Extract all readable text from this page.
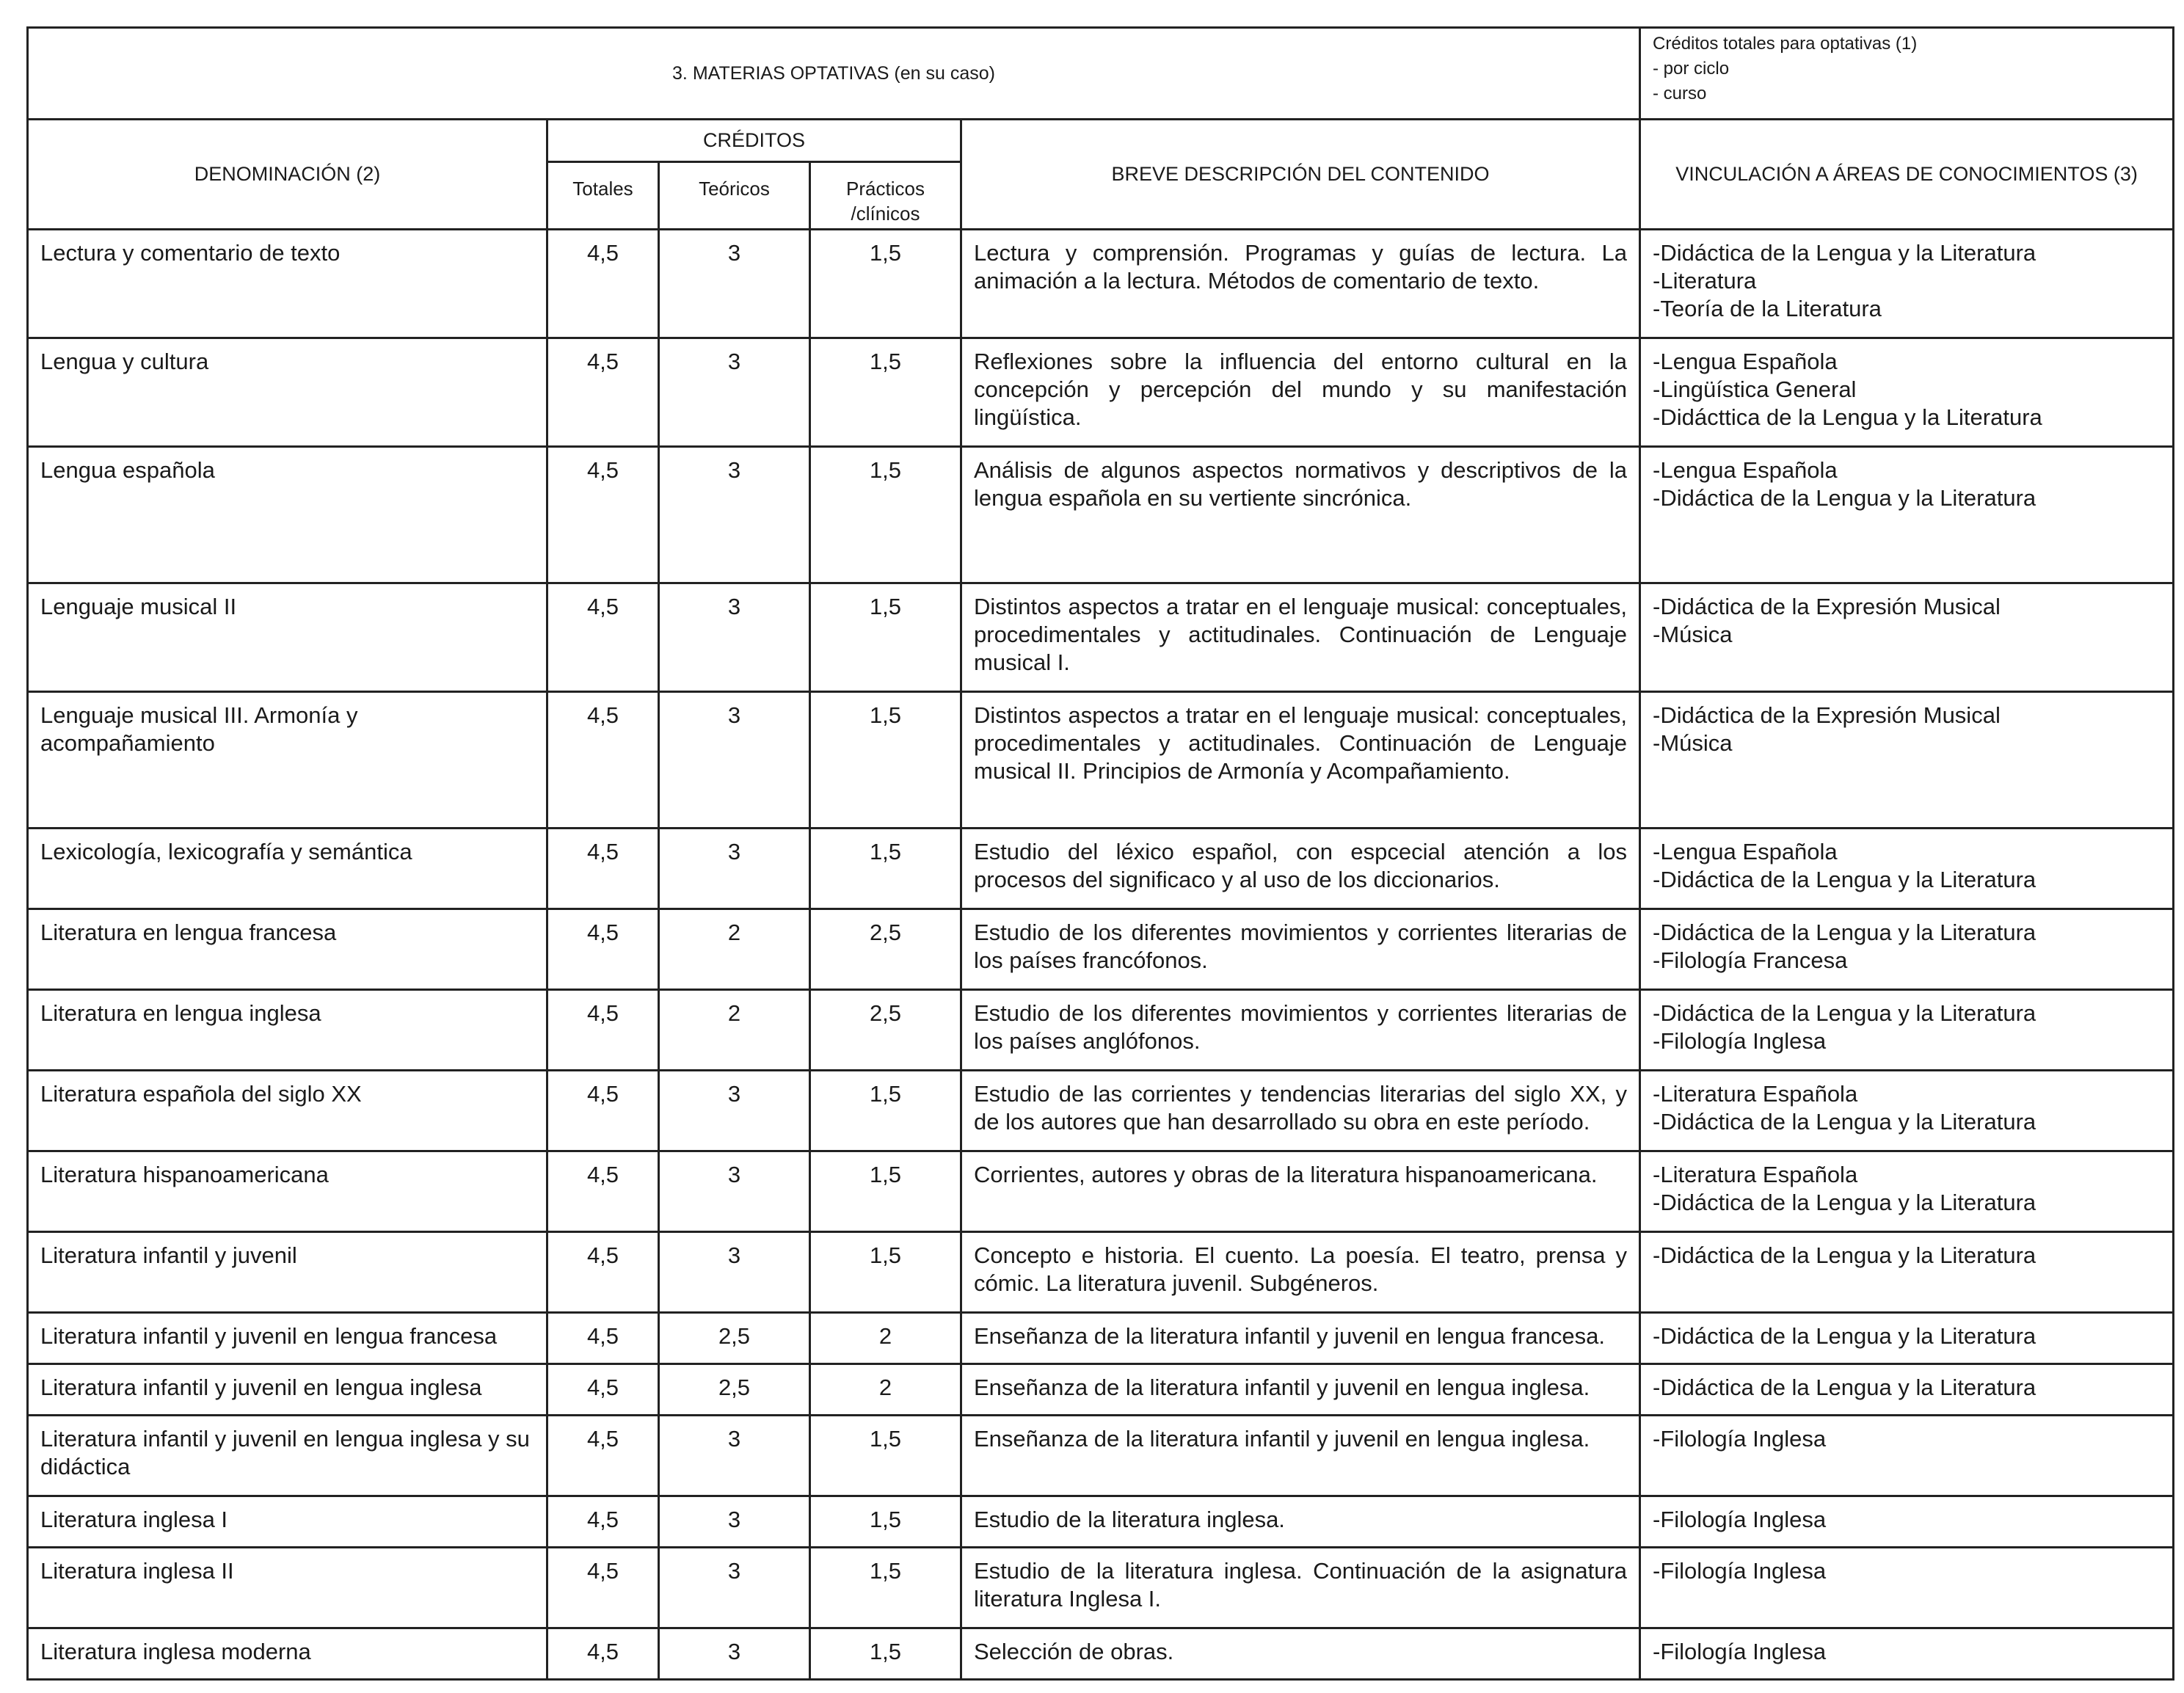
3. MATERIAS OPTATIVAS (en su caso)					Créditos totales para optativas (1)
- por ciclo
- curso

DENOMINACIÓN (2)	CRÉDITOS			BREVE DESCRIPCIÓN DEL CONTENIDO	VINCULACIÓN A ÁREAS DE CONOCIMIENTOS (3)
	Totales	Teóricos	Prácticos /clínicos		
Lectura y comentario de texto	4,5	3	1,5	Lectura y comprensión. Programas y guías de lectura. La animación a la lectura. Métodos de comentario de texto.	-Didáctica de la Lengua y la Literatura
-Literatura
-Teoría de la Literatura

Lengua y cultura	4,5	3	1,5	Reflexiones sobre la influencia del entorno cultural en la concepción y percepción del mundo y su manifestación lingüística.	-Lengua Española
-Lingüística General
-Didácttica de la Lengua y la Literatura

Lengua española	4,5	3	1,5	Análisis de algunos aspectos normativos y descriptivos de la lengua española en su vertiente sincrónica.	-Lengua Española
-Didáctica de la Lengua y la Literatura

Lenguaje musical II	4,5	3	1,5	Distintos aspectos a tratar en el lenguaje musical: conceptuales, procedimentales y actitudinales. Continuación de Lenguaje musical I.	-Didáctica de la Expresión Musical
-Música

Lenguaje musical III. Armonía y acompañamiento	4,5	3	1,5	Distintos aspectos a tratar en el lenguaje musical: conceptuales, procedimentales y actitudinales. Continuación de Lenguaje musical II. Principios de Armonía y Acompañamiento.	-Didáctica de la Expresión Musical
-Música

Lexicología, lexicografía y semántica	4,5	3	1,5	Estudio del léxico español, con espcecial atención a los procesos del significaco y al uso de los diccionarios.	-Lengua Española
-Didáctica de la Lengua y la Literatura

Literatura en lengua francesa	4,5	2	2,5	Estudio de los diferentes movimientos y corrientes literarias de los países francófonos.	-Didáctica de la Lengua y la Literatura
-Filología Francesa

Literatura en lengua inglesa	4,5	2	2,5	Estudio de los diferentes movimientos y corrientes literarias de los países anglófonos.	-Didáctica de la Lengua y la Literatura
-Filología Inglesa

Literatura española del siglo XX	4,5	3	1,5	Estudio de las corrientes y tendencias literarias del siglo XX, y de los autores que han desarrollado su obra en este período.	-Literatura Española
-Didáctica de la Lengua y la Literatura

Literatura hispanoamericana	4,5	3	1,5	Corrientes, autores y obras de la literatura hispanoamericana.	-Literatura Española
-Didáctica de la Lengua y la Literatura

Literatura infantil y juvenil	4,5	3	1,5	Concepto e historia. El cuento. La poesía. El teatro, prensa y cómic. La literatura juvenil. Subgéneros.	-Didáctica de la Lengua y la Literatura

Literatura infantil y juvenil en lengua francesa	4,5	2,5	2	Enseñanza de la literatura infantil y juvenil en lengua francesa.	-Didáctica de la Lengua y la Literatura

Literatura infantil y juvenil en lengua inglesa	4,5	2,5	2	Enseñanza de la literatura infantil y juvenil en lengua inglesa.	-Didáctica de la Lengua y la Literatura

Literatura infantil y juvenil en lengua inglesa y su didáctica	4,5	3	1,5	Enseñanza de la literatura infantil y juvenil en lengua inglesa.	-Filología Inglesa

Literatura inglesa I	4,5	3	1,5	Estudio de la literatura inglesa.	-Filología Inglesa

Literatura inglesa II	4,5	3	1,5	Estudio de la literatura inglesa. Continuación de la asignatura literatura Inglesa I.	-Filología Inglesa

Literatura inglesa moderna	4,5	3	1,5	Selección de obras.	-Filología Inglesa
